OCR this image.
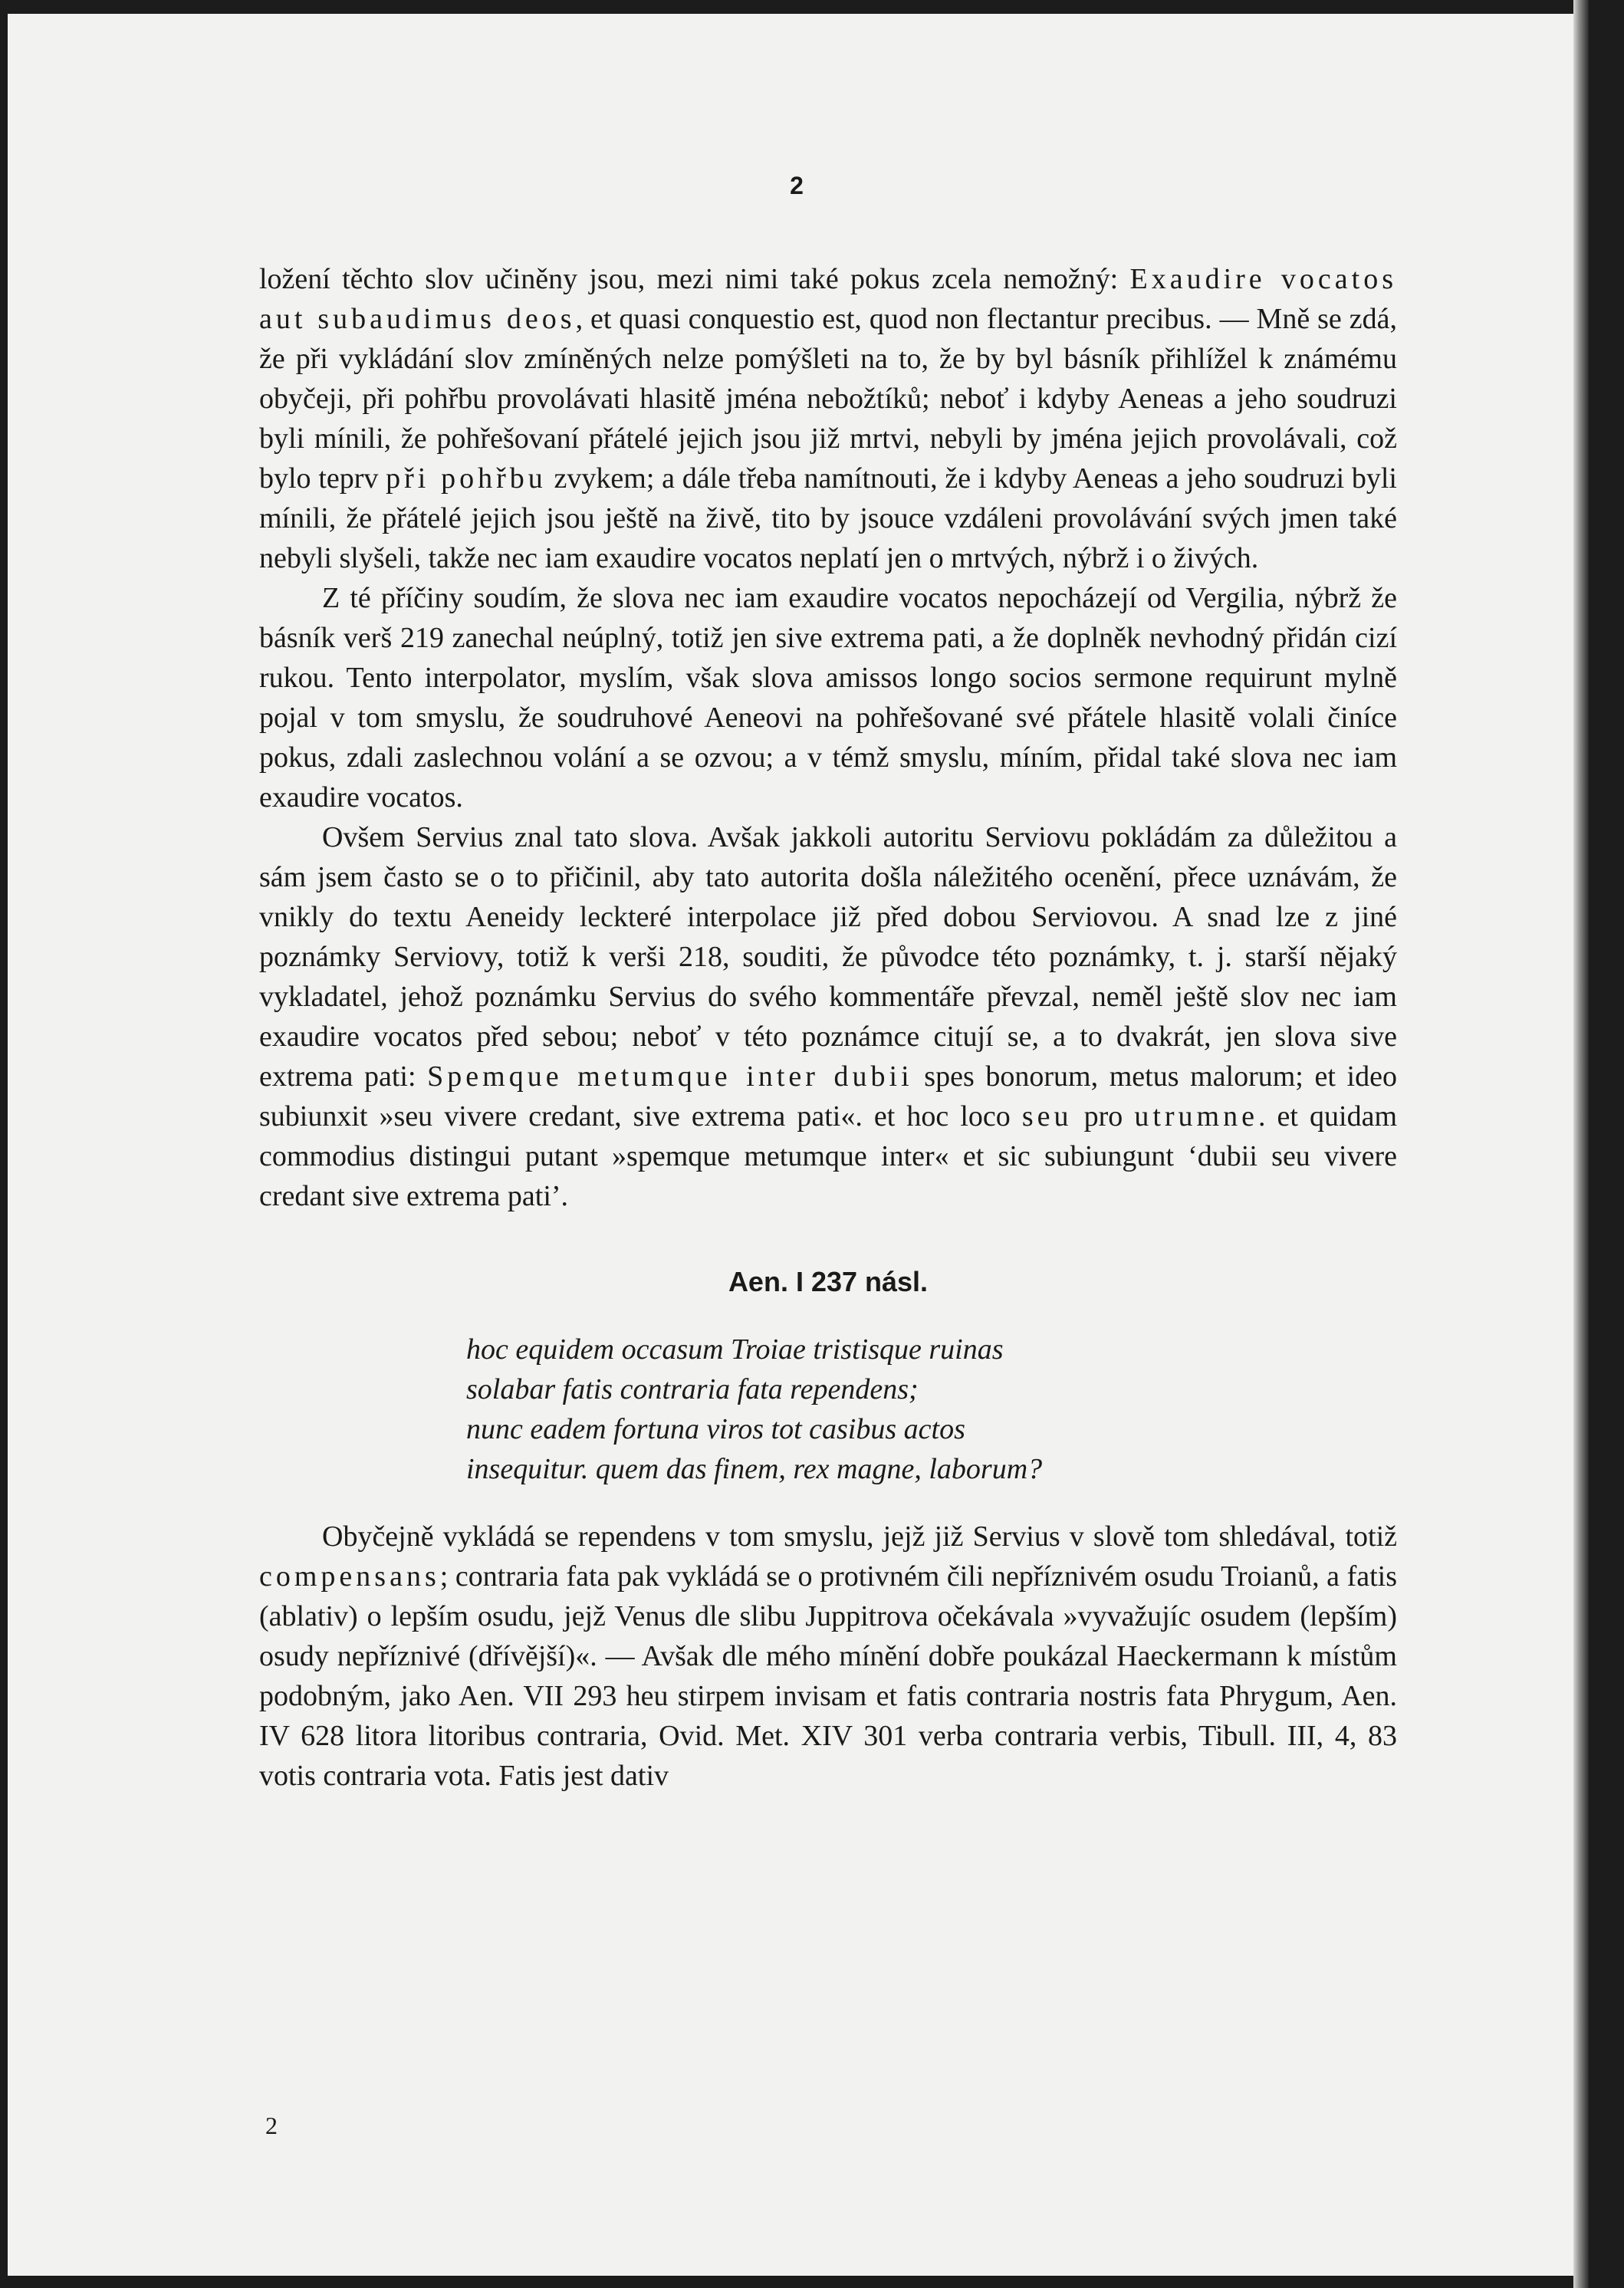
2

ložení těchto slov učiněny jsou, mezi nimi také pokus zcela nemožný: Exaudire vocatos aut subaudimus deos, et quasi conquestio est, quod non flectantur precibus. — Mně se zdá, že při vykládání slov zmíněných nelze pomýšleti na to, že by byl básník přihlížel k známému obyčeji, při pohřbu provolávati hlasitě jména nebožtíků; neboť i kdyby Aeneas a jeho soudruzi byli mínili, že pohřešovaní přátelé jejich jsou již mrtvi, nebyli by jména jejich provolávali, což bylo teprv při pohřbu zvykem; a dále třeba namítnouti, že i kdyby Aeneas a jeho soudruzi byli mínili, že přátelé jejich jsou ještě na živě, tito by jsouce vzdáleni provolávání svých jmen také nebyli slyšeli, takže nec iam exaudire vocatos neplatí jen o mrtvých, nýbrž i o živých.

Z té příčiny soudím, že slova nec iam exaudire vocatos nepocházejí od Vergilia, nýbrž že básník verš 219 zanechal neúplný, totiž jen sive extrema pati, a že doplněk nevhodný přidán cizí rukou. Tento interpolator, myslím, však slova amissos longo socios sermone requirunt mylně pojal v tom smyslu, že soudruhové Aeneovi na pohřešované své přátele hlasitě volali činíce pokus, zdali zaslechnou volání a se ozvou; a v témž smyslu, míním, přidal také slova nec iam exaudire vocatos.

Ovšem Servius znal tato slova. Avšak jakkoli autoritu Serviovu pokládám za důležitou a sám jsem často se o to přičinil, aby tato autorita došla náležitého ocenění, přece uznávám, že vnikly do textu Aeneidy leckteré interpolace již před dobou Serviovou. A snad lze z jiné poznámky Serviovy, totiž k verši 218, souditi, že původce této poznámky, t. j. starší nějaký vykladatel, jehož poznámku Servius do svého kommentáře převzal, neměl ještě slov nec iam exaudire vocatos před sebou; neboť v této poznámce citují se, a to dvakrát, jen slova sive extrema pati: Spemque metumque inter dubii spes bonorum, metus malorum; et ideo subiunxit »seu vivere credant, sive extrema pati«. et hoc loco seu pro utrumne. et quidam commodius distingui putant »spemque metumque inter« et sic subiungunt ‘dubii seu vivere credant sive extrema pati’.

Aen. I 237 násl.
hoc equidem occasum Troiae tristisque ruinas
solabar fatis contraria fata rependens;
nunc eadem fortuna viros tot casibus actos
insequitur. quem das finem, rex magne, laborum?

Obyčejně vykládá se rependens v tom smyslu, jejž již Servius v slově tom shledával, totiž compensans; contraria fata pak vykládá se o protivném čili nepříznivém osudu Troianů, a fatis (ablativ) o lepším osudu, jejž Venus dle slibu Juppitrova očekávala »vyvažujíc osudem (lepším) osudy nepříznivé (dřívější)«. — Avšak dle mého mínění dobře poukázal Haeckermann k místům podobným, jako Aen. VII 293 heu stirpem invisam et fatis contraria nostris fata Phrygum, Aen. IV 628 litora litoribus contraria, Ovid. Met. XIV 301 verba contraria verbis, Tibull. III, 4, 83 votis contraria vota. Fatis jest dativ

2
